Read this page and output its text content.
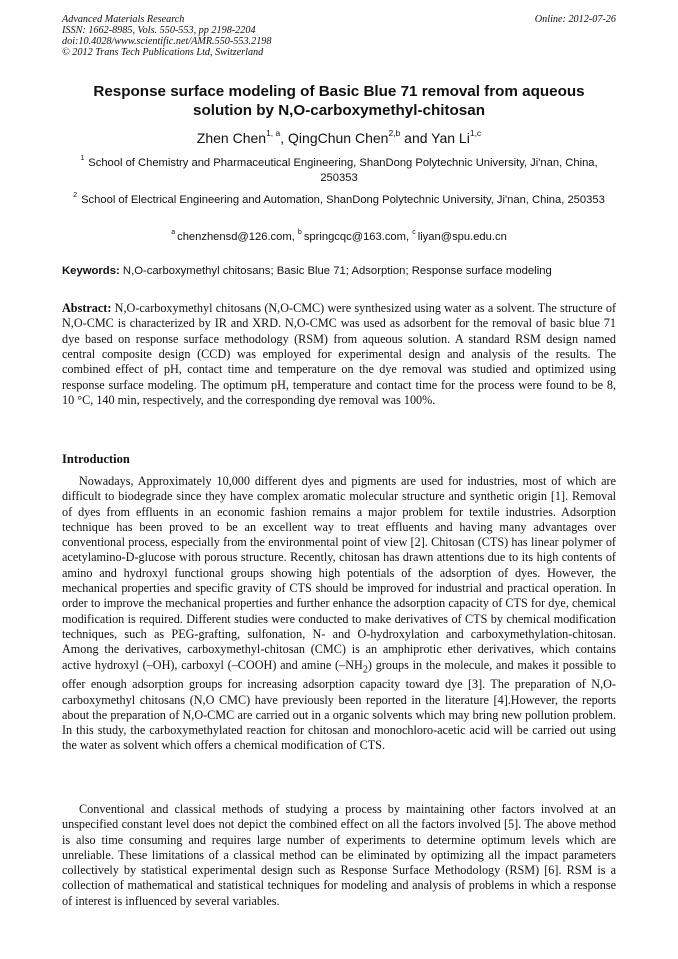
Advanced Materials Research
ISSN: 1662-8985, Vols. 550-553, pp 2198-2204
doi:10.4028/www.scientific.net/AMR.550-553.2198
© 2012 Trans Tech Publications Ltd, Switzerland
Online: 2012-07-26
Response surface modeling of Basic Blue 71 removal from aqueous solution by N,O-carboxymethyl-chitosan
Zhen Chen$^{1, a}$, QingChun Chen$^{2,b}$ and Yan Li$^{1,c}$
$^1$ School of Chemistry and Pharmaceutical Engineering, ShanDong Polytechnic University, Ji'nan, China, 250353
$^2$ School of Electrical Engineering and Automation, ShanDong Polytechnic University, Ji'nan, China, 250353
$^a$ chenzhensd@126.com, $^b$ springcqc@163.com, $^c$ liyan@spu.edu.cn
Keywords: N,O-carboxymethyl chitosans; Basic Blue 71; Adsorption; Response surface modeling
Abstract: N,O-carboxymethyl chitosans (N,O-CMC) were synthesized using water as a solvent. The structure of N,O-CMC is characterized by IR and XRD. N,O-CMC was used as adsorbent for the removal of basic blue 71 dye based on response surface methodology (RSM) from aqueous solution. A standard RSM design named central composite design (CCD) was employed for experimental design and analysis of the results. The combined effect of pH, contact time and temperature on the dye removal was studied and optimized using response surface modeling. The optimum pH, temperature and contact time for the process were found to be 8, 10 °C, 140 min, respectively, and the corresponding dye removal was 100%.
Introduction

Nowadays, Approximately 10,000 different dyes and pigments are used for industries, most of which are difficult to biodegrade since they have complex aromatic molecular structure and synthetic origin [1]. Removal of dyes from effluents in an economic fashion remains a major problem for textile industries. Adsorption technique has been proved to be an excellent way to treat effluents and having many advantages over conventional process, especially from the environmental point of view [2]. Chitosan (CTS) has linear polymer of acetylamino-D-glucose with porous structure. Recently, chitosan has drawn attentions due to its high contents of amino and hydroxyl functional groups showing high potentials of the adsorption of dyes. However, the mechanical properties and specific gravity of CTS should be improved for industrial and practical operation. In order to improve the mechanical properties and further enhance the adsorption capacity of CTS for dye, chemical modification is required. Different studies were conducted to make derivatives of CTS by chemical modification techniques, such as PEG-grafting, sulfonation, N- and O-hydroxylation and carboxymethylation-chitosan. Among the derivatives, carboxymethyl-chitosan (CMC) is an amphiprotic ether derivatives, which contains active hydroxyl (–OH), carboxyl (–COOH) and amine $(-NH_2)$ groups in the molecule, and makes it possible to offer enough adsorption groups for increasing adsorption capacity toward dye [3]. The preparation of N,O-carboxymethyl chitosans (N,O CMC) have previously been reported in the literature [4].However, the reports about the preparation of N,O-CMC are carried out in a organic solvents which may bring new pollution problem. In this study, the carboxymethylated reaction for chitosan and monochloro-acetic acid will be carried out using the water as solvent which offers a chemical modification of CTS.

Conventional and classical methods of studying a process by maintaining other factors involved at an unspecified constant level does not depict the combined effect on all the factors involved [5]. The above method is also time consuming and requires large number of experiments to determine optimum levels which are unreliable. These limitations of a classical method can be eliminated by optimizing all the impact parameters collectively by statistical experimental design such as Response Surface Methodology (RSM) [6]. RSM is a collection of mathematical and statistical techniques for modeling and analysis of problems in which a response of interest is influenced by several variables.
